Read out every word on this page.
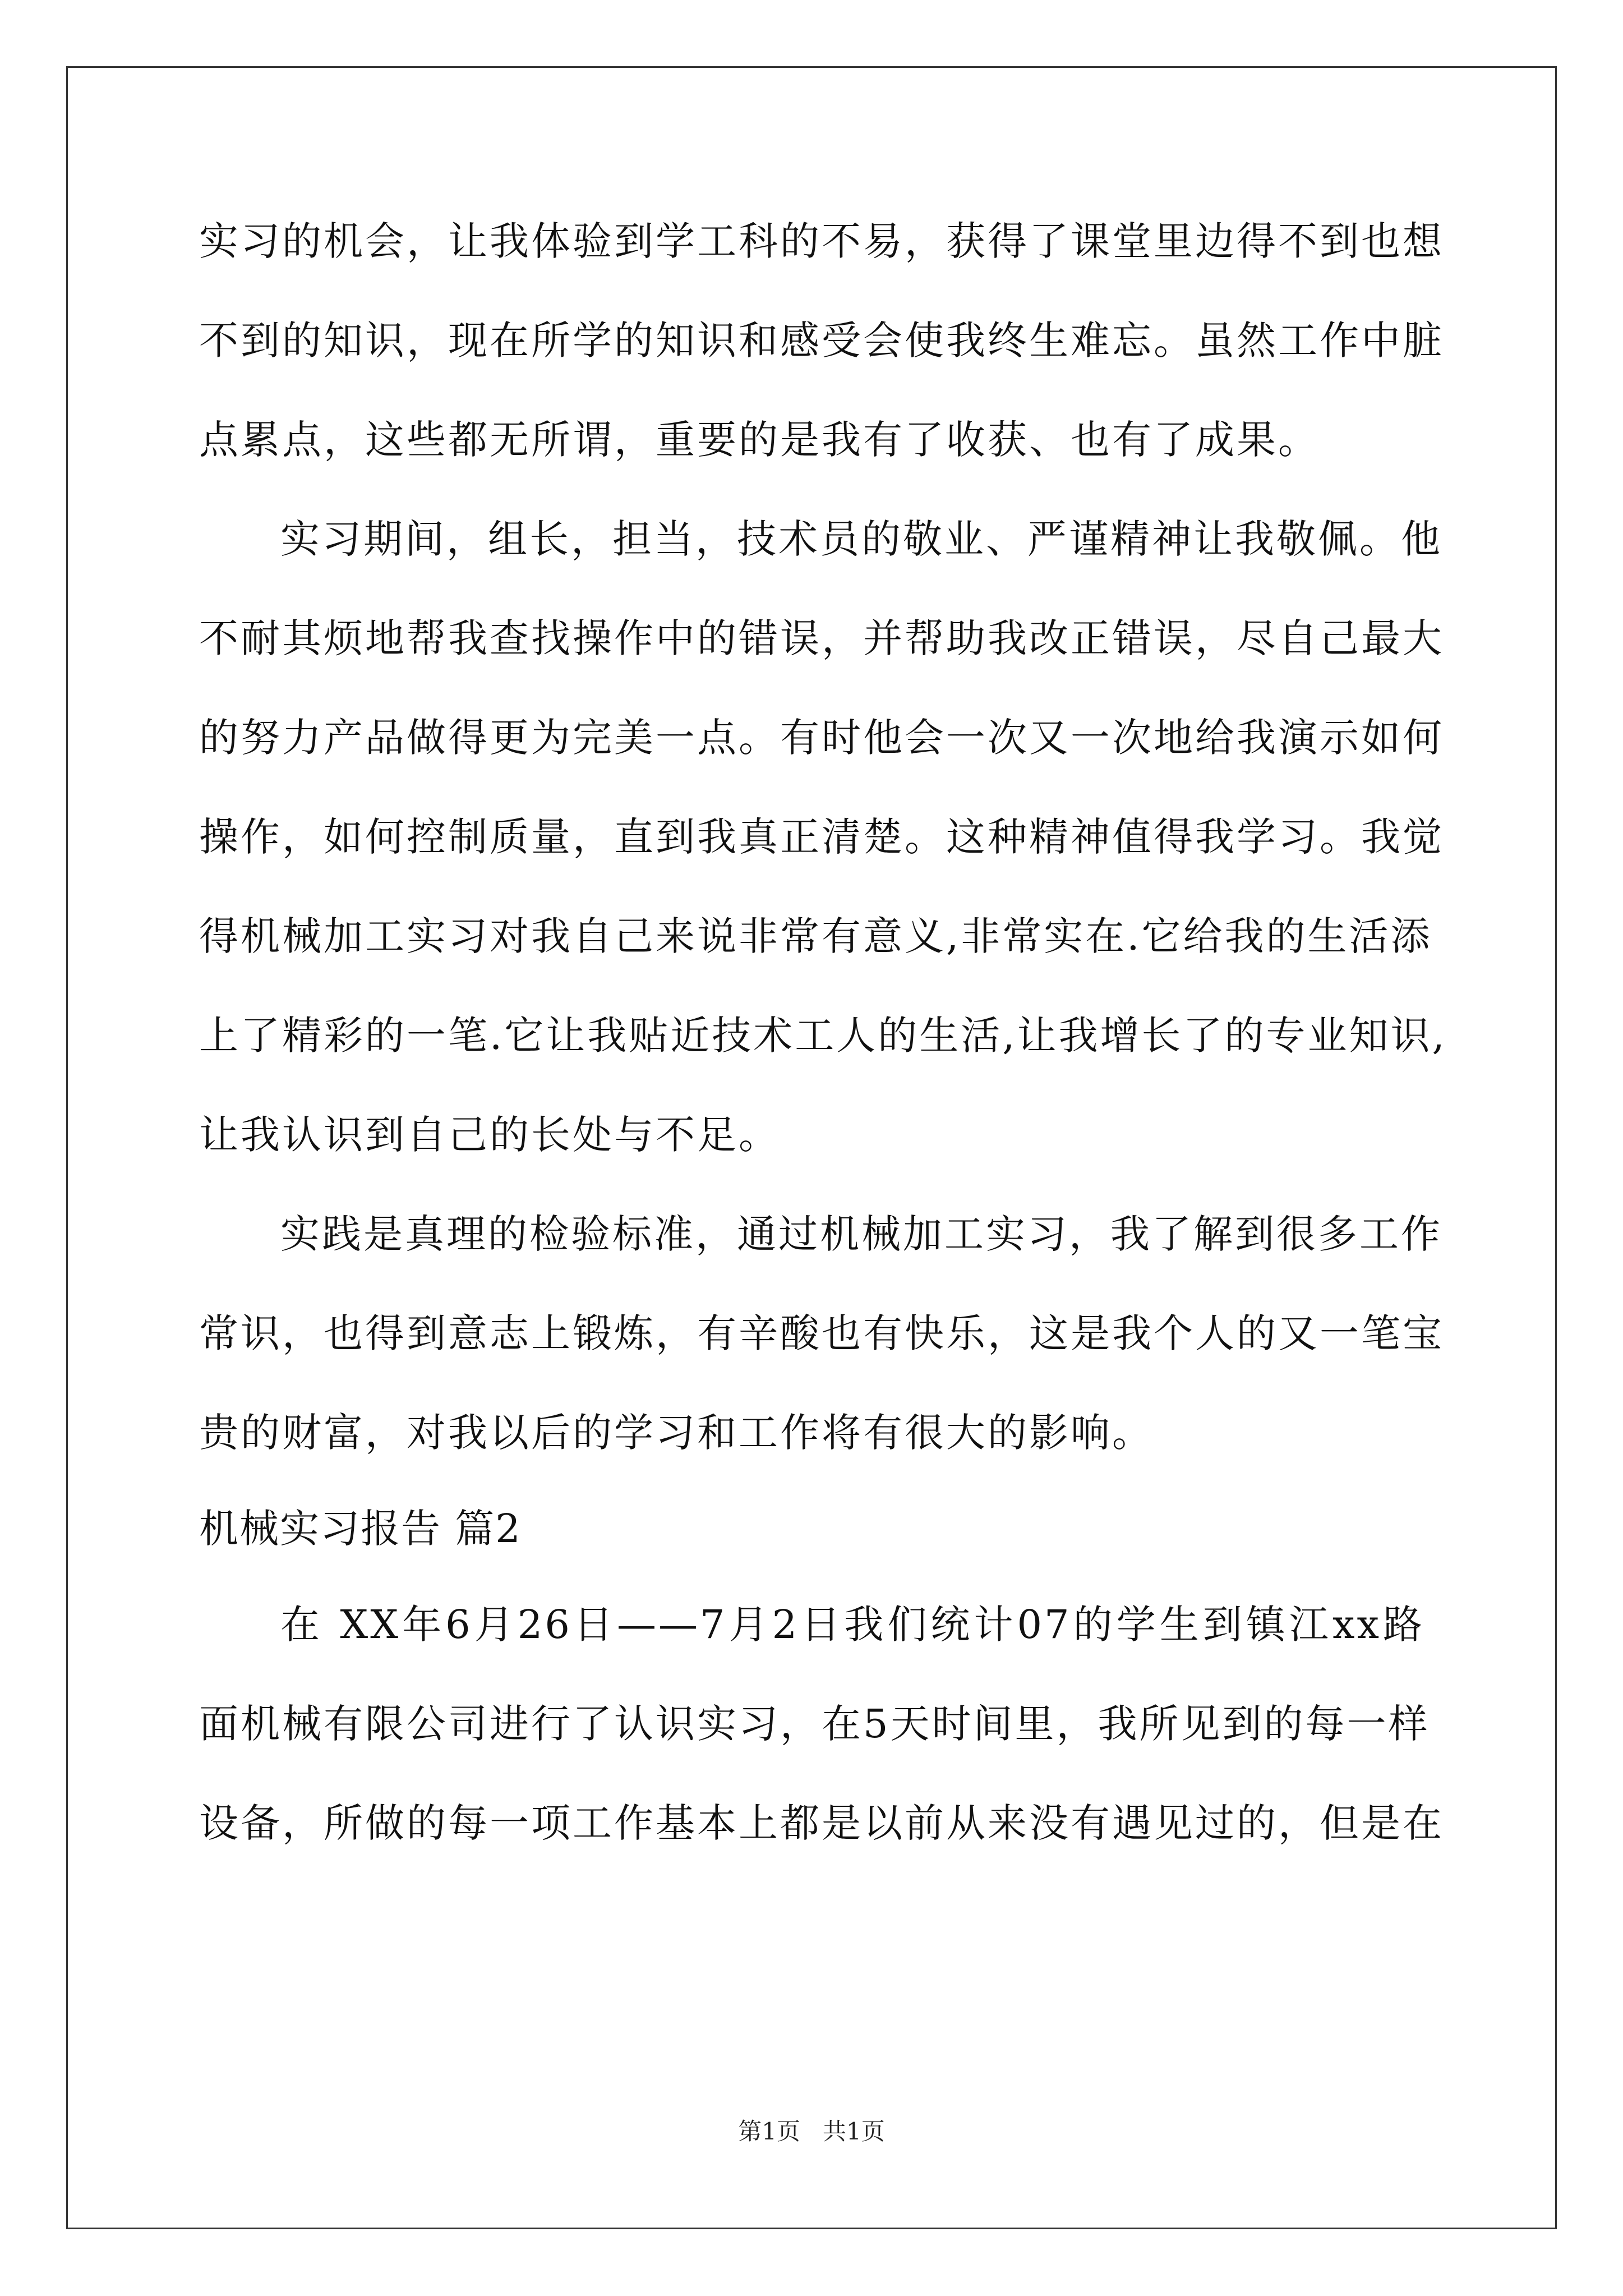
实习的机会，让我体验到学工科的不易，获得了课堂里边得不到也想
不到的知识，现在所学的知识和感受会使我终生难忘。虽然工作中脏
点累点，这些都无所谓，重要的是我有了收获、也有了成果。
实习期间，组长，担当，技术员的敬业、严谨精神让我敬佩。他
不耐其烦地帮我查找操作中的错误，并帮助我改正错误，尽自己最大
的努力产品做得更为完美一点。有时他会一次又一次地给我演示如何
操作，如何控制质量，直到我真正清楚。这种精神值得我学习。我觉
得机械加工实习对我自己来说非常有意义,非常实在.它给我的生活添
上了精彩的一笔.它让我贴近技术工人的生活,让我增长了的专业知识,
让我认识到自己的长处与不足。
实践是真理的检验标准，通过机械加工实习，我了解到很多工作
常识，也得到意志上锻炼，有辛酸也有快乐，这是我个人的又一笔宝
贵的财富，对我以后的学习和工作将有很大的影响。
机械实习报告 篇2
在 XX年6月26日——7月2日我们统计07的学生到镇江xx路
面机械有限公司进行了认识实习，在5天时间里，我所见到的每一样
设备，所做的每一项工作基本上都是以前从来没有遇见过的，但是在
第1页   共1页
